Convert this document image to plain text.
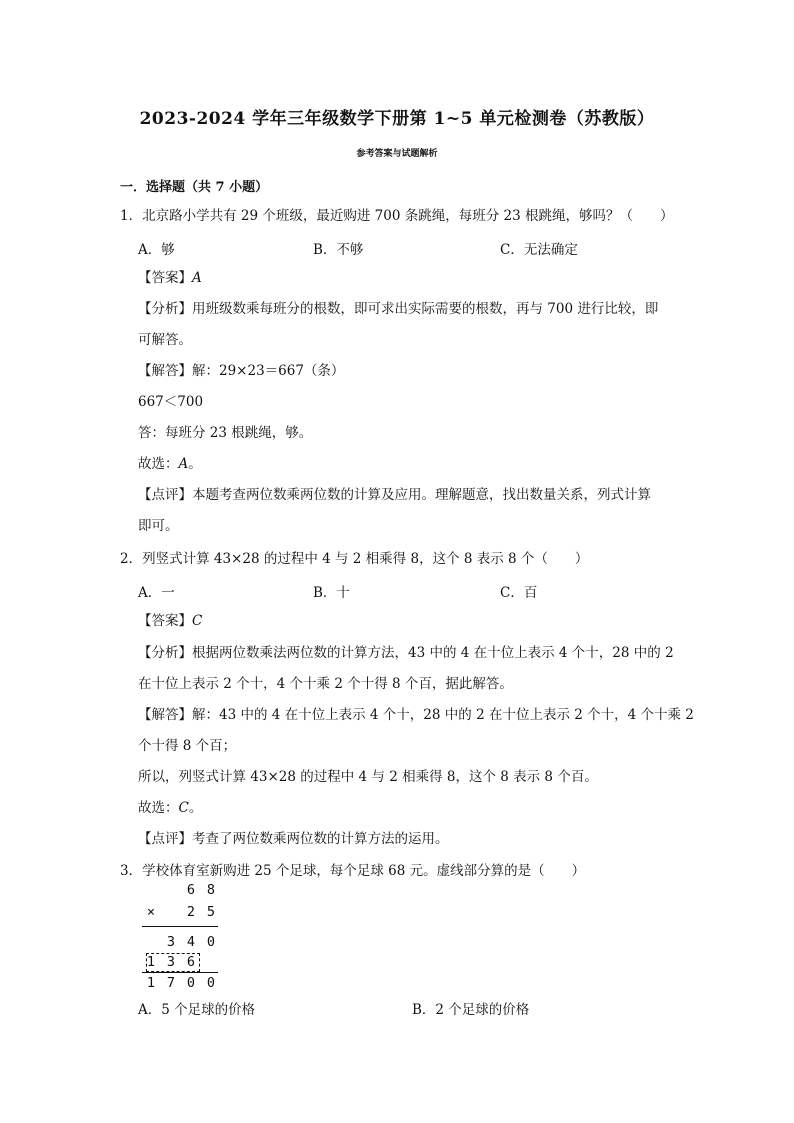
2023-2024 学年三年级数学下册第 1~5 单元检测卷（苏教版）
参考答案与试题解析
一．选择题（共 7 小题）
1．北京路小学共有 29 个班级，最近购进 700 条跳绳，每班分 23 根跳绳，够吗？（　　）
A．够	B．不够	C．无法确定
【答案】A
【分析】用班级数乘每班分的根数，即可求出实际需要的根数，再与 700 进行比较，即
可解答。
【解答】解：29×23＝667（条）
667＜700
答：每班分 23 根跳绳，够。
故选：A。
【点评】本题考查两位数乘两位数的计算及应用。理解题意，找出数量关系，列式计算
即可。
2．列竖式计算 43×28 的过程中 4 与 2 相乘得 8，这个 8 表示 8 个（　　）
A．一	B．十	C．百
【答案】C
【分析】根据两位数乘法两位数的计算方法，43 中的 4 在十位上表示 4 个十，28 中的 2
在十位上表示 2 个十，4 个十乘 2 个十得 8 个百，据此解答。
【解答】解：43 中的 4 在十位上表示 4 个十，28 中的 2 在十位上表示 2 个十，4 个十乘 2
个十得 8 个百；
所以，列竖式计算 43×28 的过程中 4 与 2 相乘得 8，这个 8 表示 8 个百。
故选：C。
【点评】考查了两位数乘两位数的计算方法的运用。
3．学校体育室新购进 25 个足球，每个足球 68 元。虚线部分算的是（　　）
6 8
× 2 5
3 4 0
1 3 6
1 7 0 0
A．5 个足球的价格	B．2 个足球的价格
